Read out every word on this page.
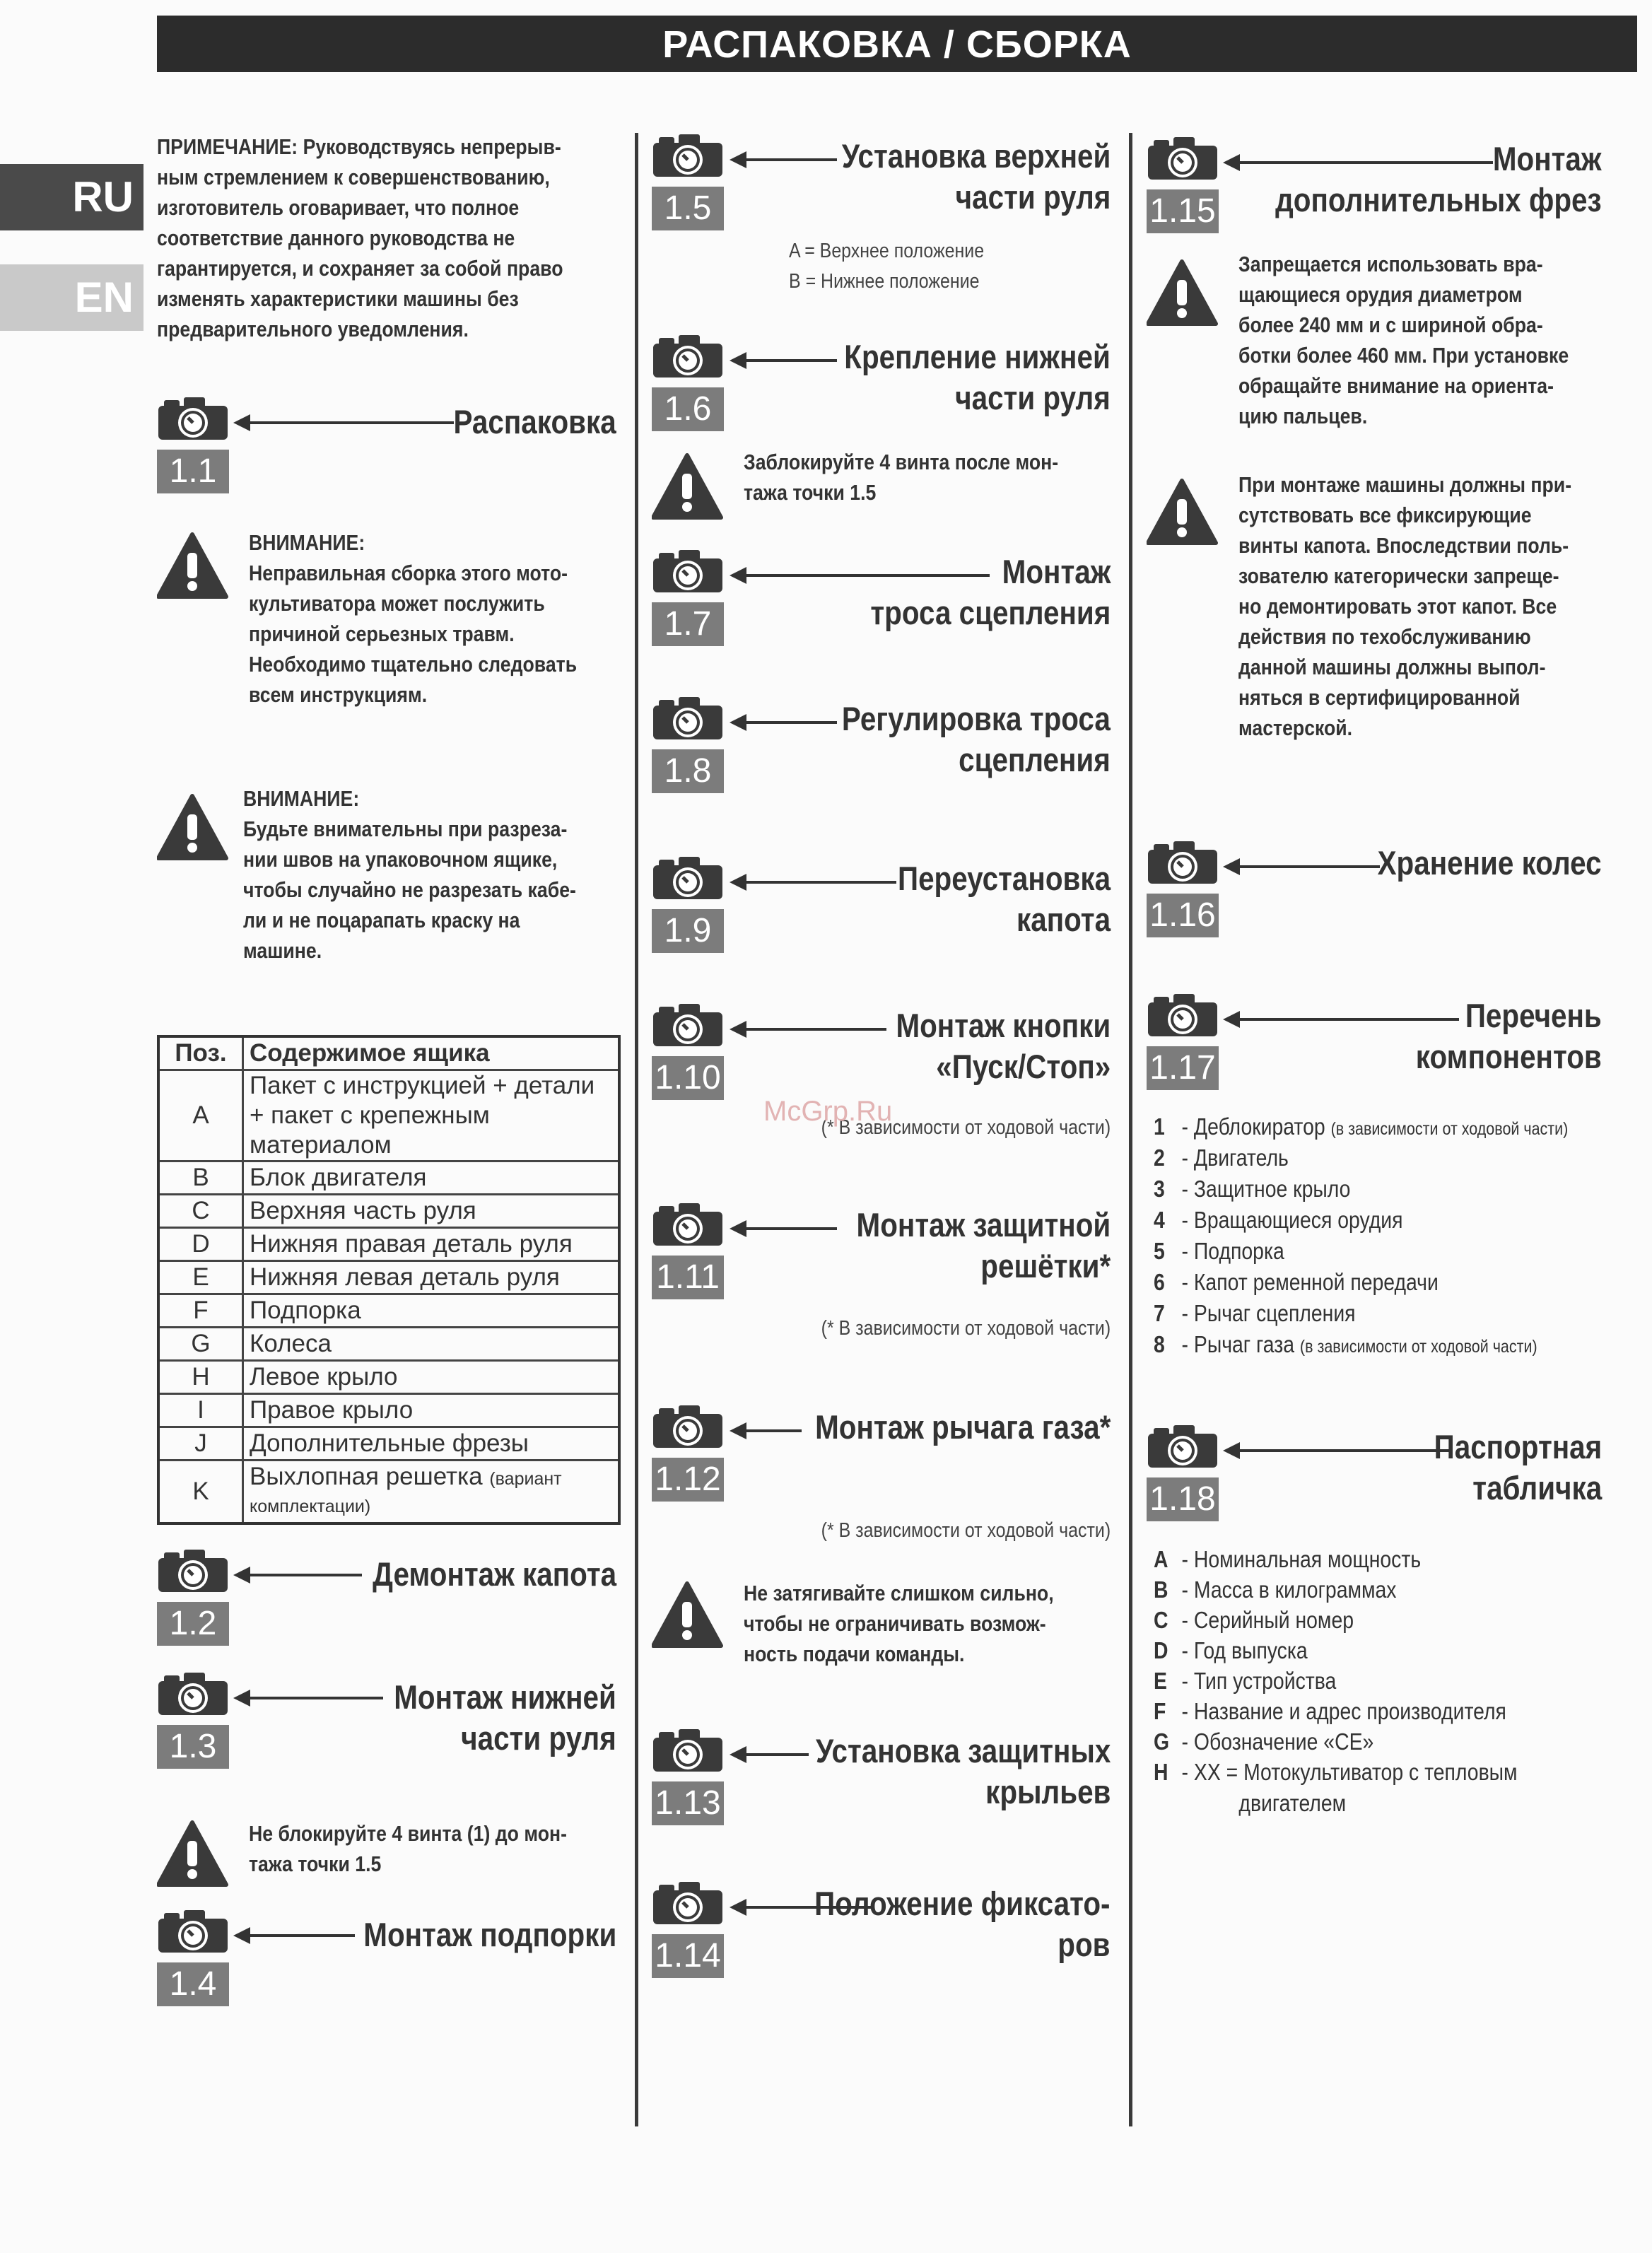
РАСПАКОВКА / СБОРКА
RU
EN
ПРИМЕЧАНИЕ: Руководствуясь непрерыв-
ным стремлением к совершенствованию,
изготовитель оговаривает, что полное
соответствие данного руководства не
гарантируется, и сохраняет за собой право
изменять характеристики машины без
предварительного уведомления.
1.1
Распаковка
ВНИМАНИЕ:
Неправильная сборка этого мото-
культиватора может послужить
причиной серьезных травм.
Необходимо тщательно следовать
всем инструкциям.
ВНИМАНИЕ:
Будьте внимательны при разреза-
нии швов на упаковочном ящике,
чтобы случайно не разрезать кабе-
ли и не поцарапать краску на
машине.
Поз.	Содержимое ящика
A	Пакет с инструкцией + детали
+ пакет с крепежным материалом

B	Блок двигателя
C	Верхняя часть руля
D	Нижняя правая деталь руля
E	Нижняя левая деталь руля
F	Подпорка
G	Колеса
H	Левое крыло
I	Правое крыло
J	Дополнительные фрезы
K	Выхлопная решетка (вариант
комплектации)
1.2
Демонтаж капота
1.3
Монтаж нижней
части руля
Не блокируйте 4 винта (1) до мон-
тажа точки 1.5
1.4
Монтаж подпорки
1.5
Установка верхней
части руля
A = Верхнее положение
B = Нижнее положение
1.6
Крепление нижней
части руля
Заблокируйте 4 винта после мон-
тажа точки 1.5
1.7
Монтаж
троса сцепления
1.8
Регулировка троса
сцепления
1.9
Переустановка
капота
1.10
Монтаж кнопки
«Пуск/Стоп»
(* В зависимости от ходовой части)
1.11
Монтаж защитной
решётки*
(* В зависимости от ходовой части)
1.12
Монтаж рычага газа*
(* В зависимости от ходовой части)
Не затягивайте слишком сильно,
чтобы не ограничивать возмож-
ность подачи команды.
1.13
Установка защитных
крыльев
1.14
Положение фиксато-
ров
1.15
Монтаж
дополнительных фрез
Запрещается использовать вра-
щающиеся орудия диаметром
более 240 мм и с шириной обра-
ботки более 460 мм. При установке
обращайте внимание на ориента-
цию пальцев.
При монтаже машины должны при-
сутствовать все фиксирующие
винты капота. Впоследствии поль-
зователю категорически запреще-
но демонтировать этот капот. Все
действия по техобслуживанию
данной машины должны выпол-
няться в сертифицированной
мастерской.
1.16
Хранение колес
1.17
Перечень
компонентов
1 - Деблокиратор (в зависимости от ходовой части)
2 - Двигатель
3 - Защитное крыло
4 - Вращающиеся орудия
5 - Подпорка
6 - Капот ременной передачи
7 - Рычаг сцепления
8 - Рычаг газа (в зависимости от ходовой части)
1.18
Паспортная
табличка
A - Номинальная мощность
B - Масса в килограммах
C - Серийный номер
D - Год выпуска
E - Тип устройства
F - Название и адрес производителя
G - Обозначение «CE»
H - XX = Мотокультиватор с тепловым
двигателем
McGrp.Ru
